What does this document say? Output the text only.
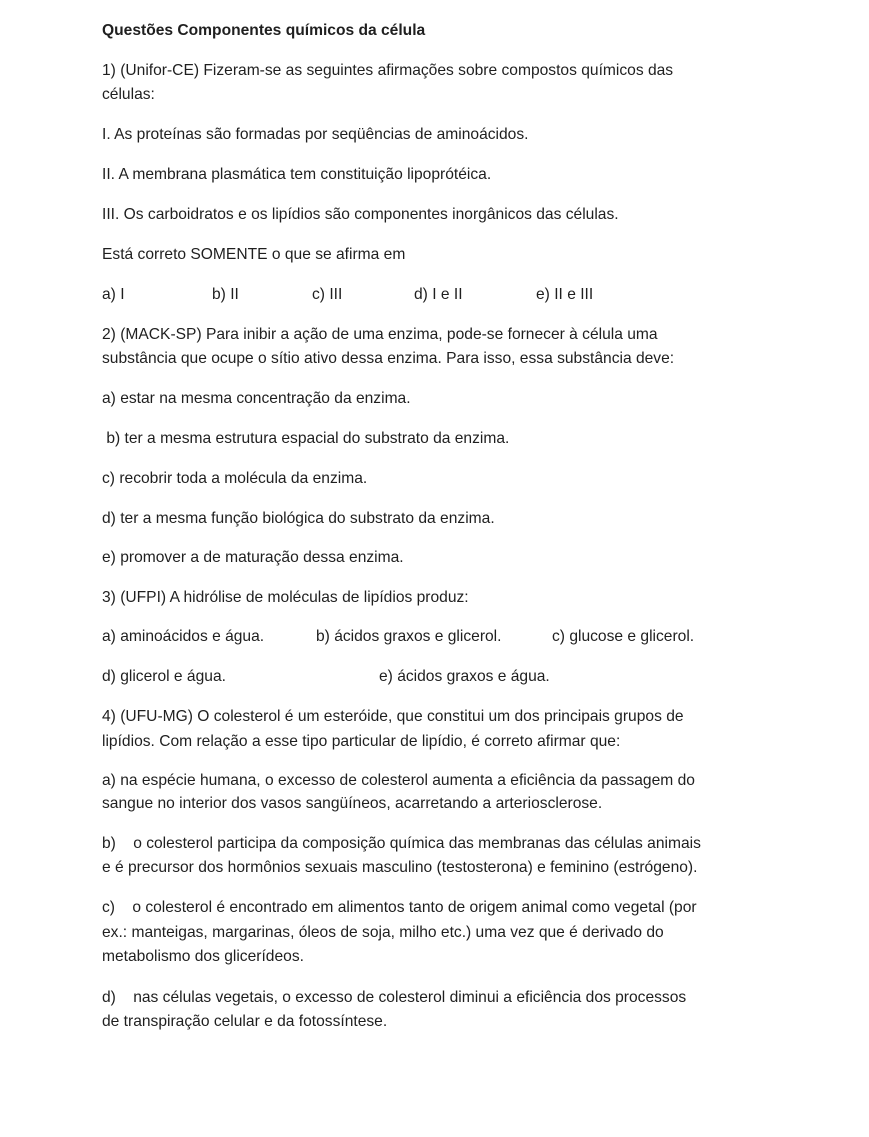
Questões Componentes químicos da célula
1) (Unifor-CE) Fizeram-se as seguintes afirmações sobre compostos químicos das
células:
I. As proteínas são formadas por seqüências de aminoácidos.
II. A membrana plasmática tem constituição lipoprótéica.
III. Os carboidratos e os lipídios são componentes inorgânicos das células.
Está correto SOMENTE o que se afirma em
a) I	b) II	c) III	d) I e II	e) II e III
2) (MACK-SP) Para inibir a ação de uma enzima, pode-se fornecer à célula uma
substância que ocupe o sítio ativo dessa enzima. Para isso, essa substância deve:
a) estar na mesma concentração da enzima.
b) ter a mesma estrutura espacial do substrato da enzima.
c) recobrir toda a molécula da enzima.
d) ter a mesma função biológica do substrato da enzima.
e) promover a de maturação dessa enzima.
3) (UFPI) A hidrólise de moléculas de lipídios produz:
a) aminoácidos e água.	b) ácidos graxos e glicerol.	c) glucose e glicerol.
d) glicerol e água.	e) ácidos graxos e água.
4) (UFU-MG) O colesterol é um esteróide, que constitui um dos principais grupos de
lipídios. Com relação a esse tipo particular de lipídio, é correto afirmar que:
a) na espécie humana, o excesso de colesterol aumenta a eficiência da passagem do
sangue no interior dos vasos sangüíneos, acarretando a arteriosclerose.
b)    o colesterol participa da composição química das membranas das células animais
e é precursor dos hormônios sexuais masculino (testosterona) e feminino (estrógeno).
c)    o colesterol é encontrado em alimentos tanto de origem animal como vegetal (por
ex.: manteigas, margarinas, óleos de soja, milho etc.) uma vez que é derivado do
metabolismo dos glicerídeos.
d)    nas células vegetais, o excesso de colesterol diminui a eficiência dos processos
de transpiração celular e da fotossíntese.
